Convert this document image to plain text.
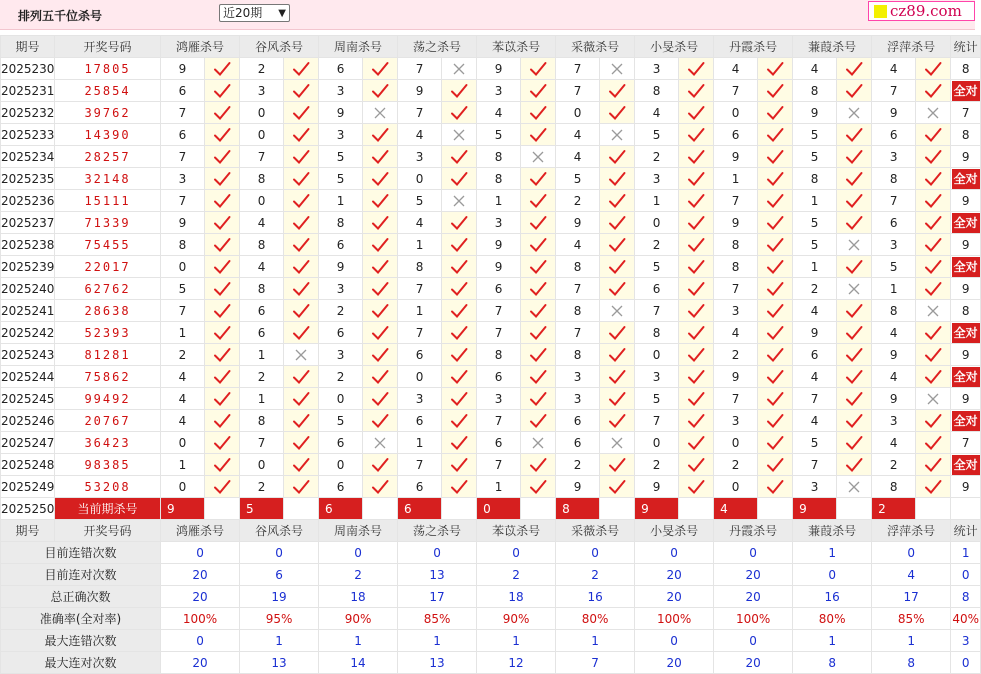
排列五千位杀号	近20期 ▼	cz89.com
期号	开奖号码	鸿雁杀号		谷风杀号		周南杀号		荡之杀号		苯苡杀号		采薇杀号		小旻杀号		丹霞杀号		蒹葭杀号		浮萍杀号		统计
2025230	17805	9		2		6		7		9		7		3		4		4		4		8
2025231	25854	6		3		3		9		3		7		8		7		8		7		全对
2025232	39762	7		0		9		7		4		0		4		0		9		9		7
2025233	14390	6		0		3		4		5		4		5		6		5		6		8
2025234	28257	7		7		5		3		8		4		2		9		5		3		9
2025235	32148	3		8		5		0		8		5		3		1		8		8		全对
2025236	15111	7		0		1		5		1		2		1		7		1		7		9
2025237	71339	9		4		8		4		3		9		0		9		5		6		全对
2025238	75455	8		8		6		1		9		4		2		8		5		3		9
2025239	22017	0		4		9		8		9		8		5		8		1		5		全对
2025240	62762	5		8		3		7		6		7		6		7		2		1		9
2025241	28638	7		6		2		1		7		8		7		3		4		8		8
2025242	52393	1		6		6		7		7		7		8		4		9		4		全对
2025243	81281	2		1		3		6		8		8		0		2		6		9		9
2025244	75862	4		2		2		0		6		3		3		9		4		4		全对
2025245	99492	4		1		0		3		3		3		5		7		7		9		9
2025246	20767	4		8		5		6		7		6		7		3		4		3		全对
2025247	36423	0		7		6		1		6		6		0		0		5		4		7
2025248	98385	1		0		0		7		7		2		2		2		7		2		全对
2025249	53208	0		2		6		6		1		9		9		0		3		8		9
2025250	当前期杀号	9		5		6		6		0		8		9		4		9		2		
期号	开奖号码	鸿雁杀号		谷风杀号		周南杀号		荡之杀号		苯苡杀号		采薇杀号		小旻杀号		丹霞杀号		蒹葭杀号		浮萍杀号		统计
目前连错次数		0		0		0		0		0		0		0		0		1		0		1
目前连对次数		20		6		2		13		2		2		20		20		0		4		0
总正确次数		20		19		18		17		18		16		20		20		16		17		8
准确率(全对率)		100%		95%		90%		85%		90%		80%		100%		100%		80%		85%		40%
最大连错次数		0		1		1		1		1		1		0		0		1		1		3
最大连对次数		20		13		14		13		12		7		20		20		8		8		0
